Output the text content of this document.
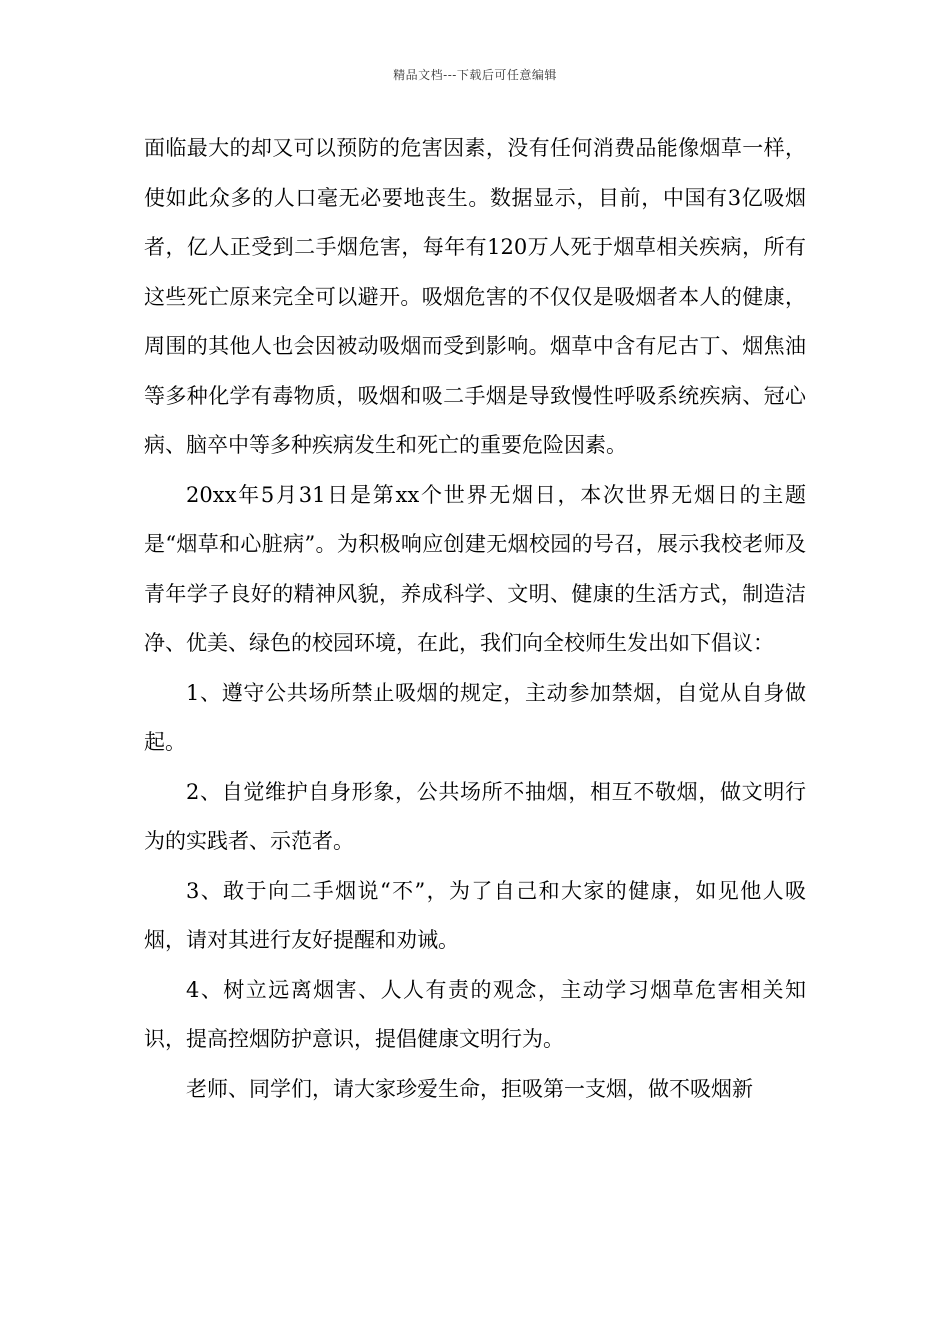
精品文档---下载后可任意编辑

面临最大的却又可以预防的危害因素，没有任何消费品能像烟草一样，使如此众多的人口毫无必要地丧生。数据显示，目前，中国有3亿吸烟者，亿人正受到二手烟危害，每年有120万人死于烟草相关疾病，所有这些死亡原来完全可以避开。吸烟危害的不仅仅是吸烟者本人的健康，周围的其他人也会因被动吸烟而受到影响。烟草中含有尼古丁、烟焦油等多种化学有毒物质，吸烟和吸二手烟是导致慢性呼吸系统疾病、冠心病、脑卒中等多种疾病发生和死亡的重要危险因素。

20xx年5月31日是第xx个世界无烟日，本次世界无烟日的主题是“烟草和心脏病”。为积极响应创建无烟校园的号召，展示我校老师及青年学子良好的精神风貌，养成科学、文明、健康的生活方式，制造洁净、优美、绿色的校园环境，在此，我们向全校师生发出如下倡议：

1、遵守公共场所禁止吸烟的规定，主动参加禁烟，自觉从自身做起。

2、自觉维护自身形象，公共场所不抽烟，相互不敬烟，做文明行为的实践者、示范者。

3、敢于向二手烟说“不”，为了自己和大家的健康，如见他人吸烟，请对其进行友好提醒和劝诫。

4、树立远离烟害、人人有责的观念，主动学习烟草危害相关知识，提高控烟防护意识，提倡健康文明行为。

老师、同学们，请大家珍爱生命，拒吸第一支烟，做不吸烟新
